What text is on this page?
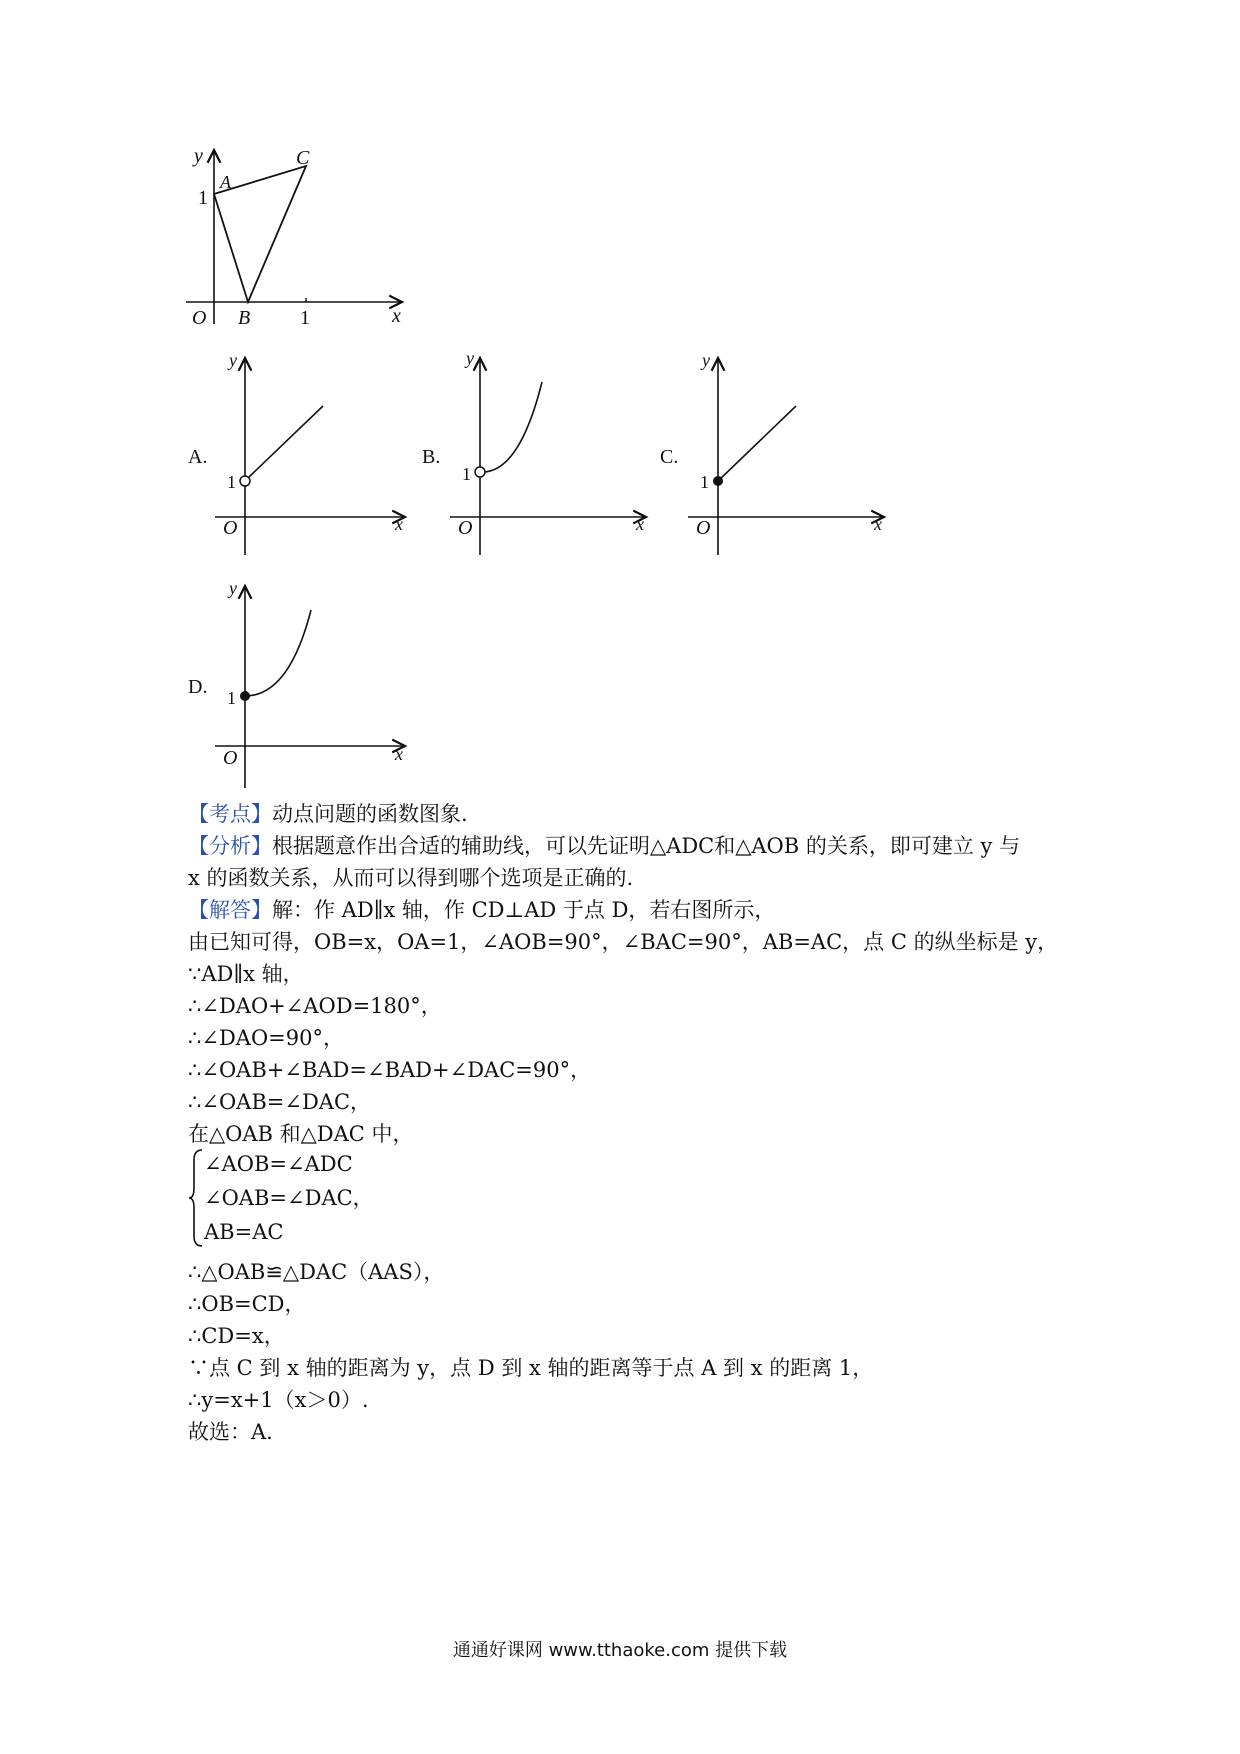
y
x
O
A
B
C
1
1
A.
y
x
O
1
B.
y
x
O
1
C.
y
x
O
1
D.
y
x
O
1
【考点】动点问题的函数图象.
【分析】根据题意作出合适的辅助线，可以先证明△ADC和△AOB 的关系，即可建立 y 与
x 的函数关系，从而可以得到哪个选项是正确的.
【解答】解：作 AD∥x 轴，作 CD⊥AD 于点 D，若右图所示，
由已知可得，OB=x，OA=1，∠AOB=90°，∠BAC=90°，AB=AC，点 C 的纵坐标是 y，
∵AD∥x 轴，
∴∠DAO+∠AOD=180°，
∴∠DAO=90°，
∴∠OAB+∠BAD=∠BAD+∠DAC=90°，
∴∠OAB=∠DAC，
在△OAB 和△DAC 中，
∠AOB=∠ADC
∠OAB=∠DAC，
AB=AC
∴△OAB≌△DAC（AAS），
∴OB=CD，
∴CD=x，
∵点 C 到 x 轴的距离为 y，点 D 到 x 轴的距离等于点 A 到 x 的距离 1，
∴y=x+1（x＞0）.
故选：A.
通通好课网 www.tthaoke.com 提供下载
